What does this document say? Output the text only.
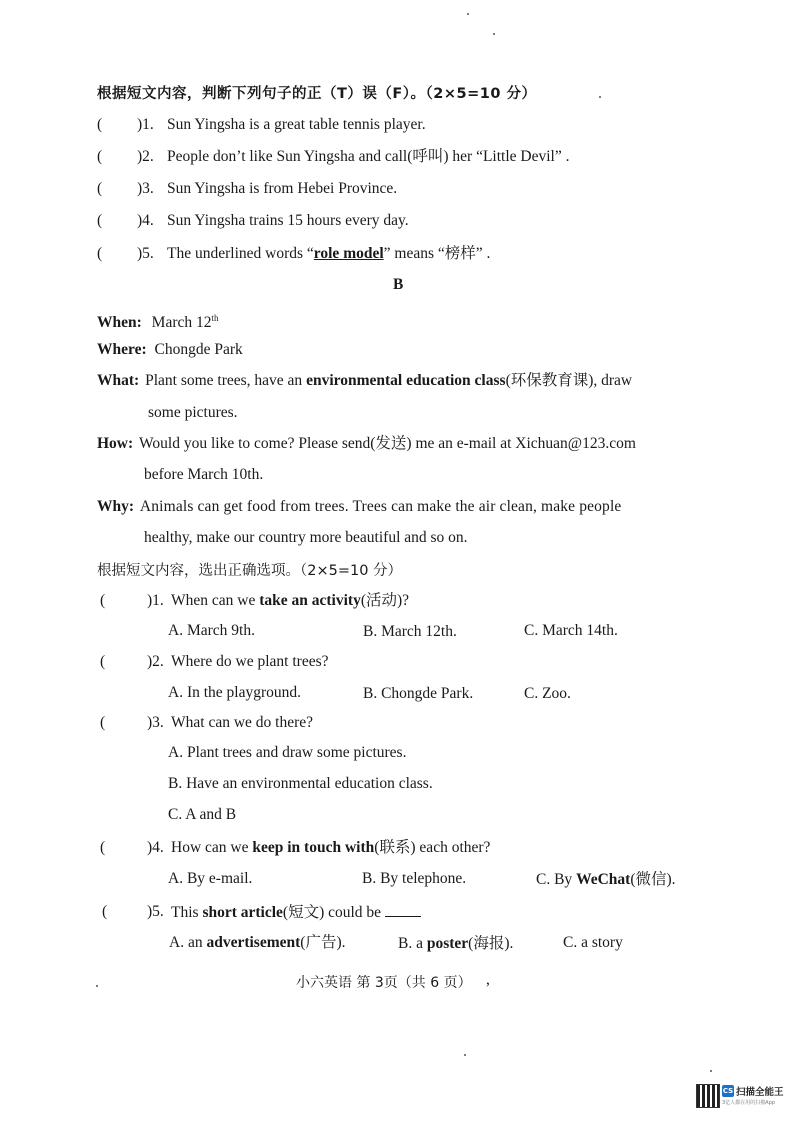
根据短文内容，判断下列句子的正（T）误（F）。（2×5=10 分）
( )1. Sun Yingsha is a great table tennis player.
( )2. People don’t like Sun Yingsha and call(呼叫) her “Little Devil” .
( )3. Sun Yingsha is from Hebei Province.
( )4. Sun Yingsha trains 15 hours every day.
( )5. The underlined words “role model” means “榜样” .
B
When: March 12th
Where: Chongde Park
What: Plant some trees, have an environmental education class(环保教育课), draw
some pictures.
How: Would you like to come? Please send(发送) me an e-mail at Xichuan@123.com
before March 10th.
Why: Animals can get food from trees. Trees can make the air clean, make people
healthy, make our country more beautiful and so on.
根据短文内容，选出正确选项。（2×5=10 分）
(	)1. When can we take an activity(活动)?
A. March 9th.	B. March 12th.	C. March 14th.
(	)2. Where do we plant trees?
A. In the playground.	B. Chongde Park.	C. Zoo.
(	)3. What can we do there?
A. Plant trees and draw some pictures.
B. Have an environmental education class.
C. A and B
(	)4. How can we keep in touch with(联系) each other?
A. By e-mail.	B. By telephone.	C. By WeChat(微信).
(	)5. This short article(短文) could be
A. an advertisement(广告).	B. a poster(海报).	C. a story
小六英语 第 3页（共 6 页） ,
CS 扫描全能王
3亿人都在用的扫描App
